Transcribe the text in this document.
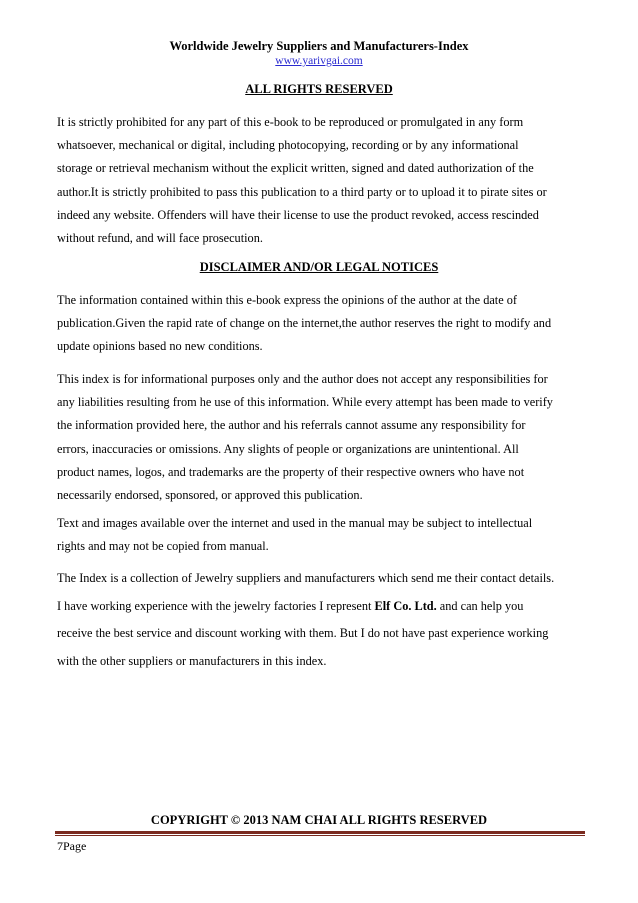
Worldwide Jewelry Suppliers and Manufacturers-Index
www.yarivgai.com
ALL RIGHTS RESERVED
It is strictly prohibited for any part of this e-book to be reproduced or promulgated in any form
whatsoever, mechanical or digital, including photocopying, recording or by any informational
storage or retrieval mechanism without the explicit written, signed and dated authorization of the
author.It is strictly prohibited to pass this publication to a third party or to upload it to pirate sites or
indeed any website. Offenders will have their license to use the product revoked, access rescinded
without refund, and will face prosecution.
DISCLAIMER AND/OR LEGAL NOTICES
The information contained within this e-book express the opinions of the author at the date of
publication.Given the rapid rate of change on the internet,the author reserves the right to modify and
update opinions based no new conditions.
This index is for informational purposes only and the author does not accept any responsibilities for
any liabilities resulting from he use of this information. While every attempt has been made to verify
the information provided here, the author and his referrals cannot assume any responsibility for
errors, inaccuracies or omissions. Any slights of people or organizations are unintentional. All
product names, logos, and trademarks are the property of their respective owners who have not
necessarily endorsed, sponsored, or approved this publication.
Text and images available over the internet and used in the manual may be subject to intellectual
rights and may not be copied from manual.
The Index is a collection of Jewelry suppliers and manufacturers which send me their contact details.
I have working experience with the jewelry factories I represent Elf Co. Ltd. and can help you
receive the best service and discount working with them. But I do not have past experience working
with the other suppliers or manufacturers in this index.
COPYRIGHT © 2013 NAM CHAI ALL RIGHTS RESERVED
7Page
